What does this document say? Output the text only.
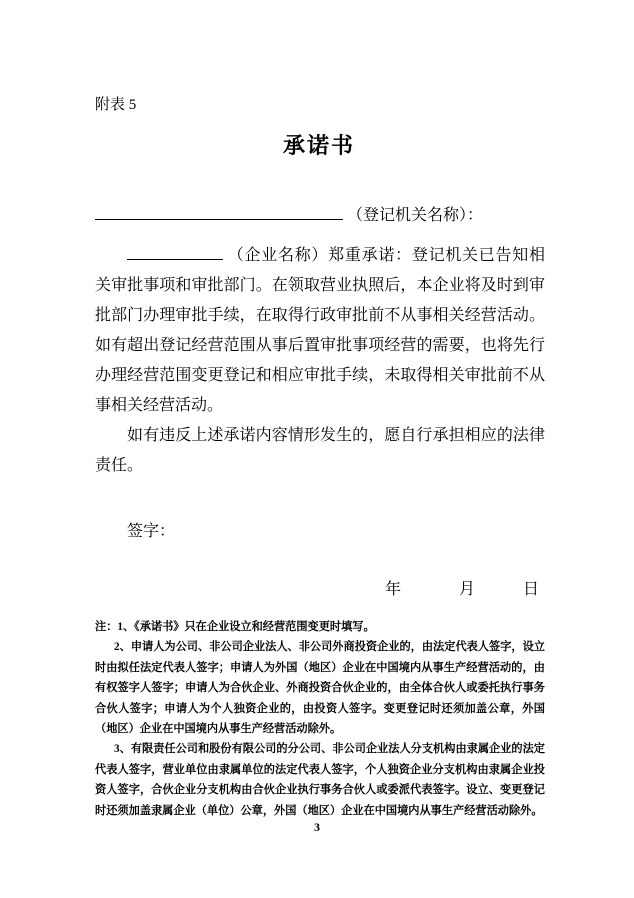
附表 5
承诺书
（登记机关名称）：

（企业名称）郑重承诺：登记机关已告知相关审批事项和审批部门。在领取营业执照后，本企业将及时到审批部门办理审批手续，在取得行政审批前不从事相关经营活动。如有超出登记经营范围从事后置审批事项经营的需要，也将先行办理经营范围变更登记和相应审批手续，未取得相关审批前不从事相关经营活动。

如有违反上述承诺内容情形发生的，愿自行承担相应的法律责任。

签字：
年	月	日

注：1、《承诺书》只在企业设立和经营范围变更时填写。

2、申请人为公司、非公司企业法人、非公司外商投资企业的，由法定代表人签字，设立时由拟任法定代表人签字；申请人为外国（地区）企业在中国境内从事生产经营活动的，由有权签字人签字；申请人为合伙企业、外商投资合伙企业的，由全体合伙人或委托执行事务合伙人签字；申请人为个人独资企业的，由投资人签字。变更登记时还须加盖公章，外国（地区）企业在中国境内从事生产经营活动除外。

3、有限责任公司和股份有限公司的分公司、非公司企业法人分支机构由隶属企业的法定代表人签字，营业单位由隶属单位的法定代表人签字，个人独资企业分支机构由隶属企业投资人签字，合伙企业分支机构由合伙企业执行事务合伙人或委派代表签字。设立、变更登记时还须加盖隶属企业（单位）公章，外国（地区）企业在中国境内从事生产经营活动除外。

3
